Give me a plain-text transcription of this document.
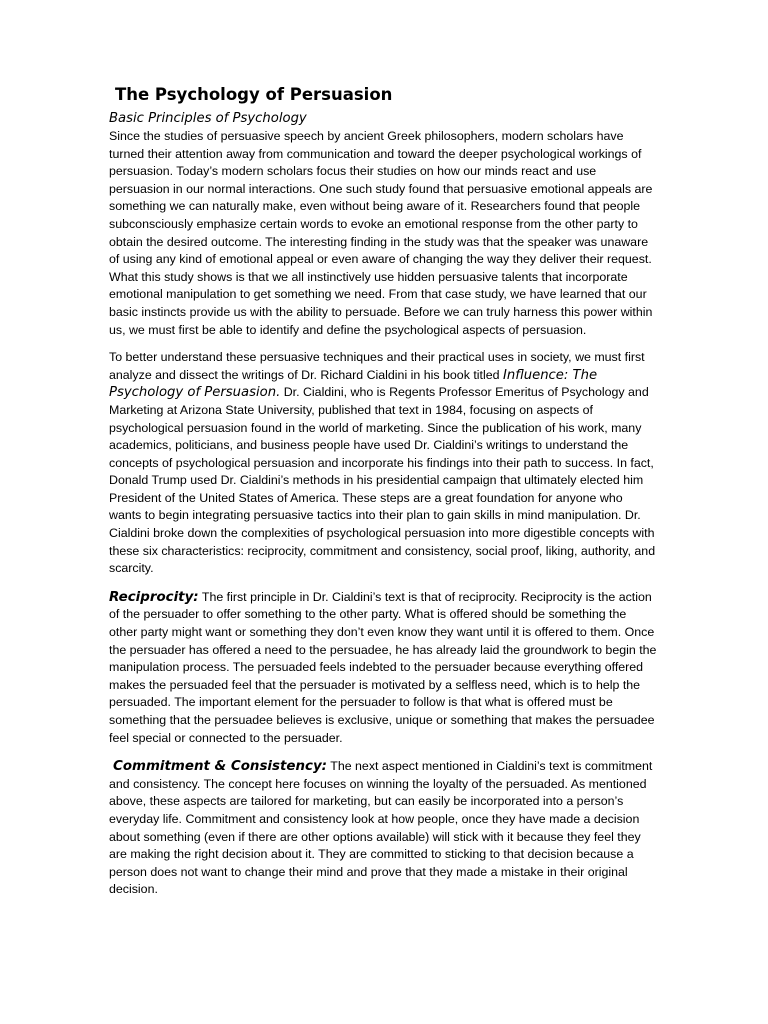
The Psychology of Persuasion
Basic Principles of Psychology

Since the studies of persuasive speech by ancient Greek philosophers, modern scholars have turned their attention away from communication and toward the deeper psychological workings of persuasion. Today’s modern scholars focus their studies on how our minds react and use persuasion in our normal interactions. One such study found that persuasive emotional appeals are something we can naturally make, even without being aware of it. Researchers found that people subconsciously emphasize certain words to evoke an emotional response from the other party to obtain the desired outcome. The interesting finding in the study was that the speaker was unaware of using any kind of emotional appeal or even aware of changing the way they deliver their request. What this study shows is that we all instinctively use hidden persuasive talents that incorporate emotional manipulation to get something we need. From that case study, we have learned that our basic instincts provide us with the ability to persuade. Before we can truly harness this power within us, we must first be able to identify and define the psychological aspects of persuasion.

To better understand these persuasive techniques and their practical uses in society, we must first analyze and dissect the writings of Dr. Richard Cialdini in his book titled Influence: The Psychology of Persuasion. Dr. Cialdini, who is Regents Professor Emeritus of Psychology and Marketing at Arizona State University, published that text in 1984, focusing on aspects of psychological persuasion found in the world of marketing. Since the publication of his work, many academics, politicians, and business people have used Dr. Cialdini’s writings to understand the concepts of psychological persuasion and incorporate his findings into their path to success. In fact, Donald Trump used Dr. Cialdini’s methods in his presidential campaign that ultimately elected him President of the United States of America. These steps are a great foundation for anyone who wants to begin integrating persuasive tactics into their plan to gain skills in mind manipulation. Dr. Cialdini broke down the complexities of psychological persuasion into more digestible concepts with these six characteristics: reciprocity, commitment and consistency, social proof, liking, authority, and scarcity.

Reciprocity: The first principle in Dr. Cialdini’s text is that of reciprocity. Reciprocity is the action of the persuader to offer something to the other party. What is offered should be something the other party might want or something they don’t even know they want until it is offered to them. Once the persuader has offered a need to the persuadee, he has already laid the groundwork to begin the manipulation process. The persuaded feels indebted to the persuader because everything offered makes the persuaded feel that the persuader is motivated by a selfless need, which is to help the persuaded. The important element for the persuader to follow is that what is offered must be something that the persuadee believes is exclusive, unique or something that makes the persuadee feel special or connected to the persuader.

Commitment & Consistency: The next aspect mentioned in Cialdini’s text is commitment and consistency. The concept here focuses on winning the loyalty of the persuaded. As mentioned above, these aspects are tailored for marketing, but can easily be incorporated into a person’s everyday life. Commitment and consistency look at how people, once they have made a decision about something (even if there are other options available) will stick with it because they feel they are making the right decision about it. They are committed to sticking to that decision because a person does not want to change their mind and prove that they made a mistake in their original decision.
